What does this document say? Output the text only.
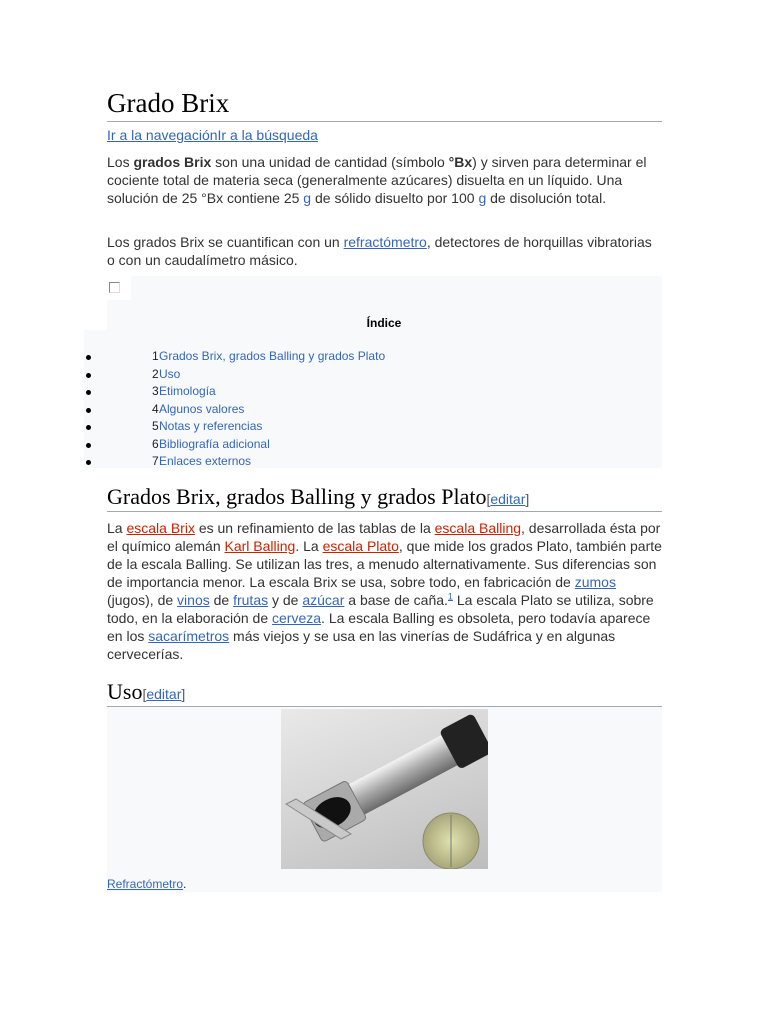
Grado Brix
Ir a la navegaciónIr a la búsqueda

Los grados Brix son una unidad de cantidad (símbolo °Bx) y sirven para determinar el cociente total de materia seca (generalmente azúcares) disuelta en un líquido. Una solución de 25 °Bx contiene 25 g de sólido disuelto por 100 g de disolución total.

Los grados Brix se cuantifican con un refractómetro, detectores de horquillas vibratorias o con un caudalímetro másico.

Índice
1 Grados Brix, grados Balling y grados Plato
2 Uso
3 Etimología
4 Algunos valores
5 Notas y referencias
6 Bibliografía adicional
7 Enlaces externos
Grados Brix, grados Balling y grados Plato[editar]

La escala Brix es un refinamiento de las tablas de la escala Balling, desarrollada ésta por el químico alemán Karl Balling. La escala Plato, que mide los grados Plato, también parte de la escala Balling. Se utilizan las tres, a menudo alternativamente. Sus diferencias son de importancia menor. La escala Brix se usa, sobre todo, en fabricación de zumos (jugos), de vinos de frutas y de azúcar a base de caña.$^1$ La escala Plato se utiliza, sobre todo, en la elaboración de cerveza. La escala Balling es obsoleta, pero todavía aparece en los sacarímetros más viejos y se usa en las vinerías de Sudáfrica y en algunas cervecerías.

Uso[editar]
Refractómetro.
